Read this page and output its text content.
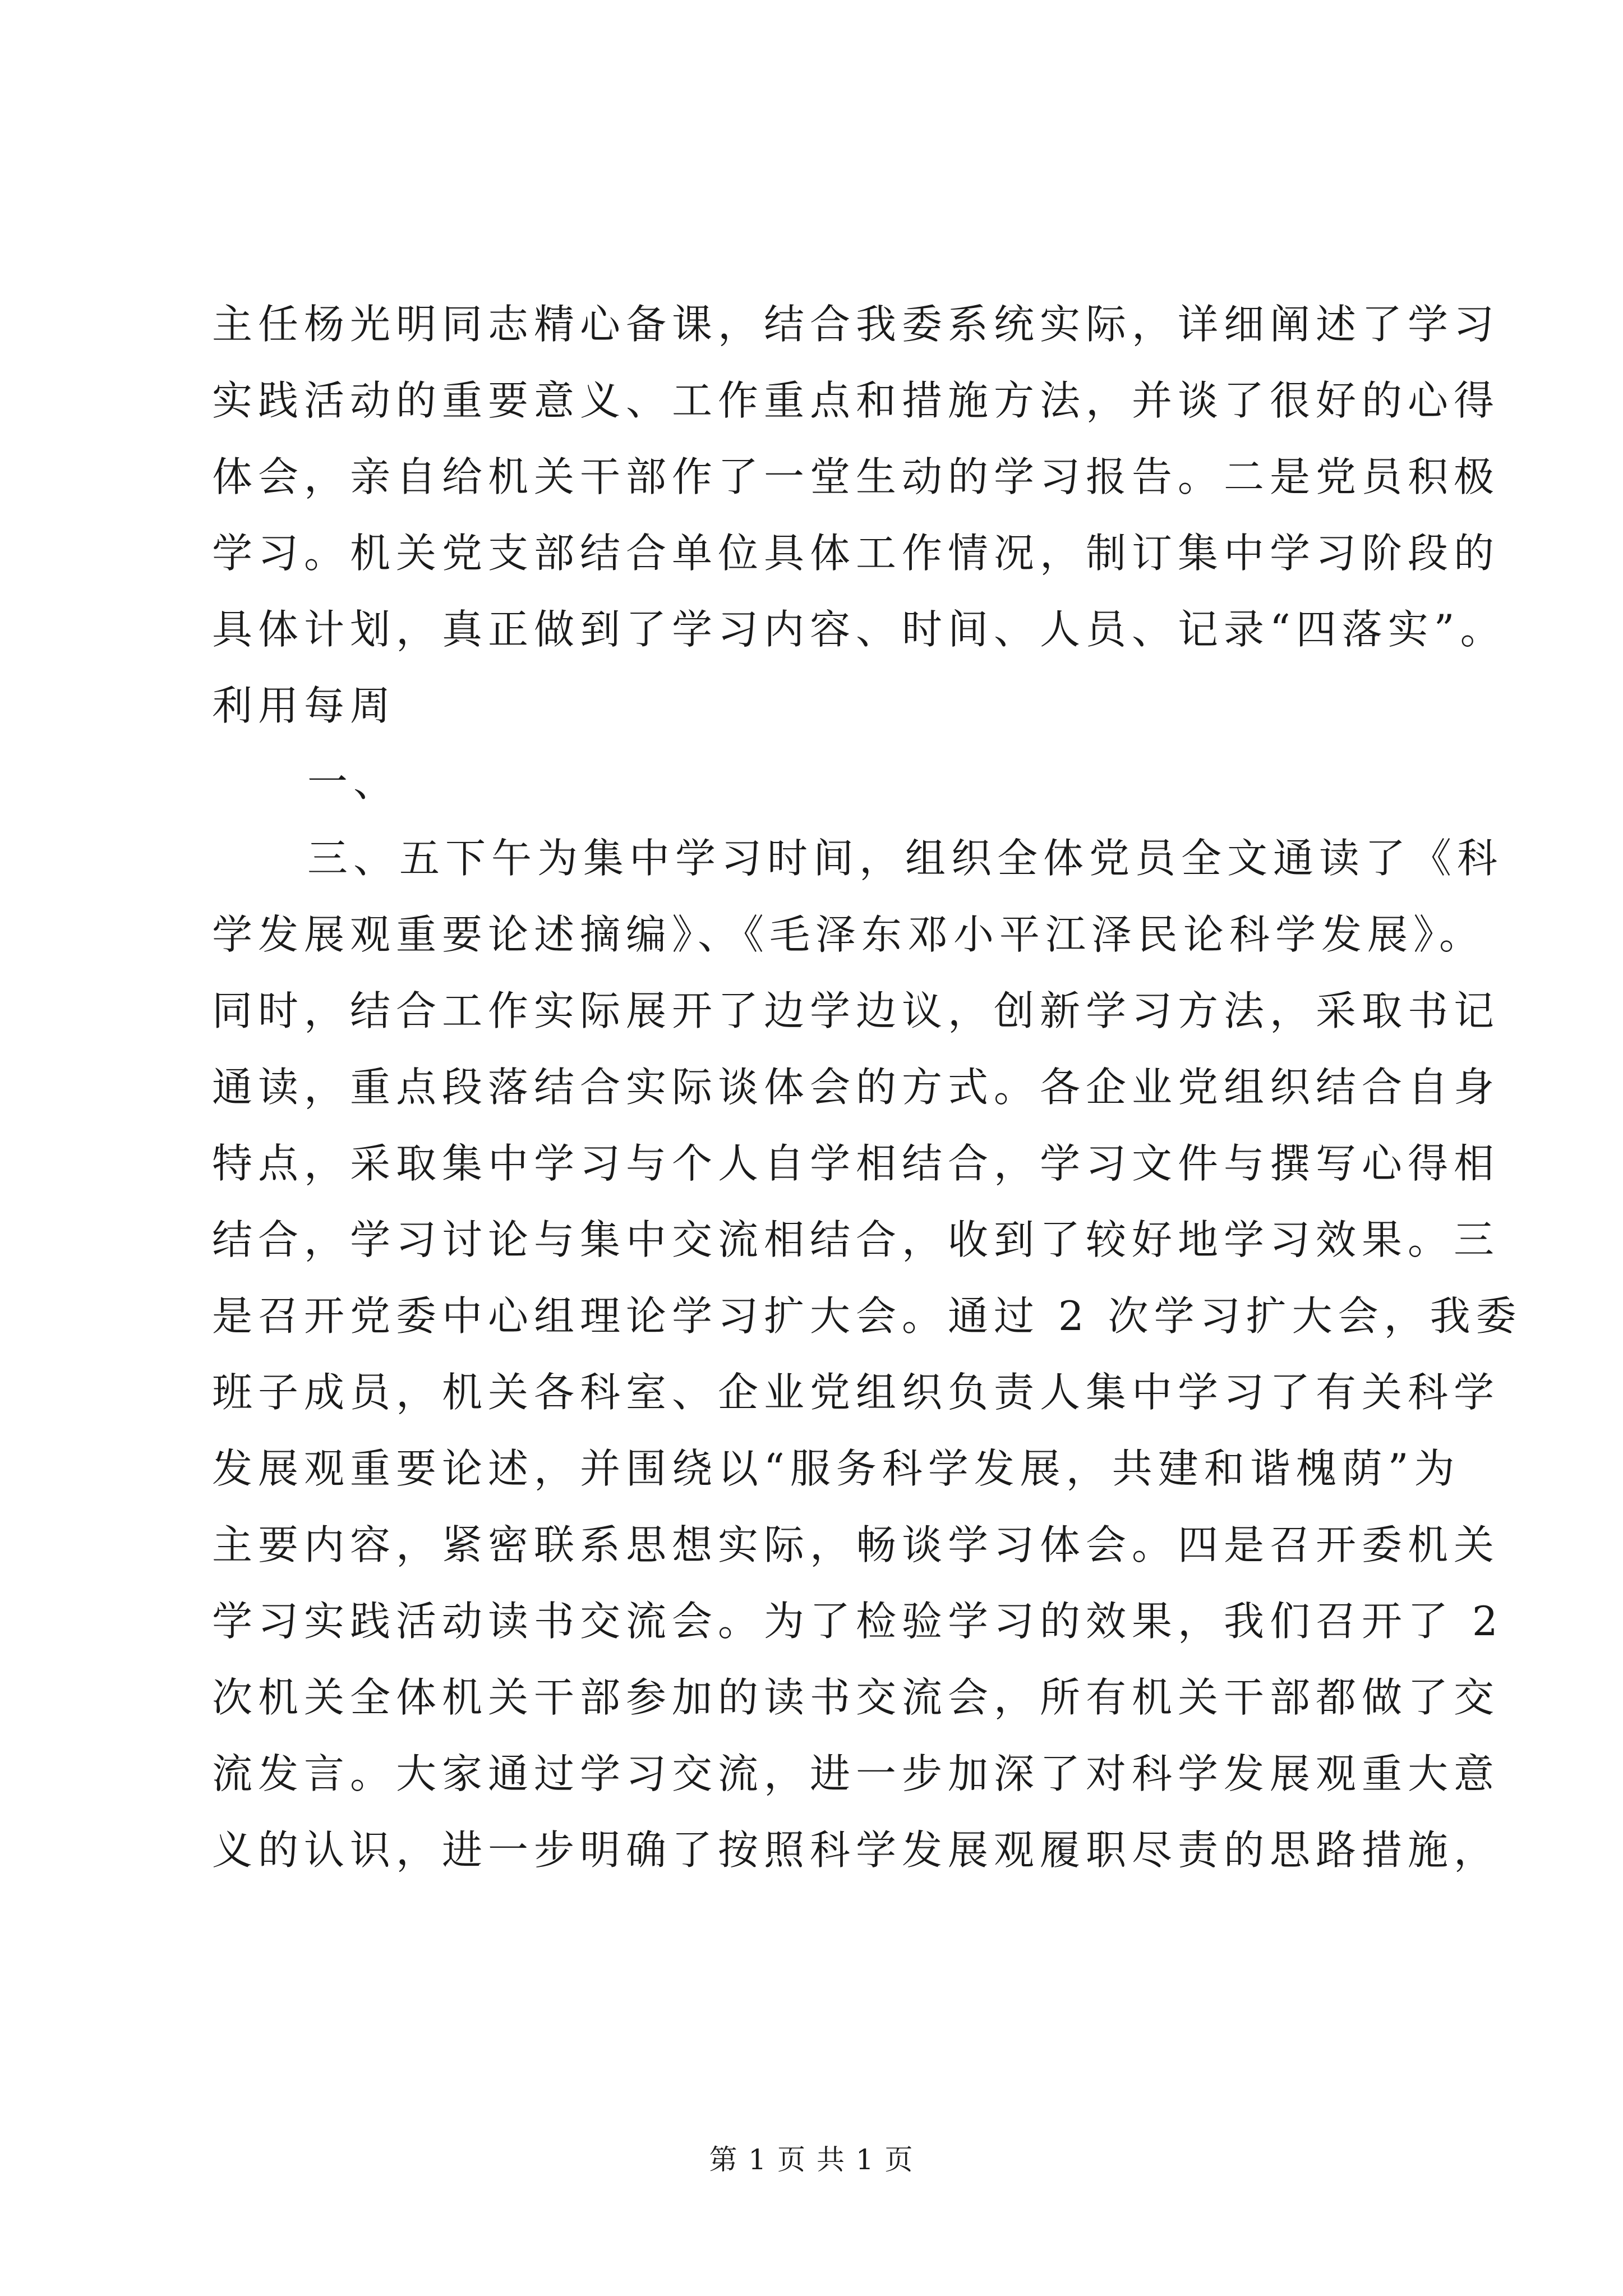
主任杨光明同志精心备课，结合我委系统实际，详细阐述了学习
实践活动的重要意义、工作重点和措施方法，并谈了很好的心得
体会，亲自给机关干部作了一堂生动的学习报告。二是党员积极
学习。机关党支部结合单位具体工作情况，制订集中学习阶段的
具体计划，真正做到了学习内容、时间、人员、记录“四落实”。
利用每周
一、
三、五下午为集中学习时间，组织全体党员全文通读了《科
学发展观重要论述摘编》、《毛泽东邓小平江泽民论科学发展》。
同时，结合工作实际展开了边学边议，创新学习方法，采取书记
通读，重点段落结合实际谈体会的方式。各企业党组织结合自身
特点，采取集中学习与个人自学相结合，学习文件与撰写心得相
结合，学习讨论与集中交流相结合，收到了较好地学习效果。三
是召开党委中心组理论学习扩大会。通过 2 次学习扩大会，我委
班子成员，机关各科室、企业党组织负责人集中学习了有关科学
发展观重要论述，并围绕以“服务科学发展，共建和谐槐荫”为
主要内容，紧密联系思想实际，畅谈学习体会。四是召开委机关
学习实践活动读书交流会。为了检验学习的效果，我们召开了 2
次机关全体机关干部参加的读书交流会，所有机关干部都做了交
流发言。大家通过学习交流，进一步加深了对科学发展观重大意
义的认识，进一步明确了按照科学发展观履职尽责的思路措施，
第 1 页 共 1 页
